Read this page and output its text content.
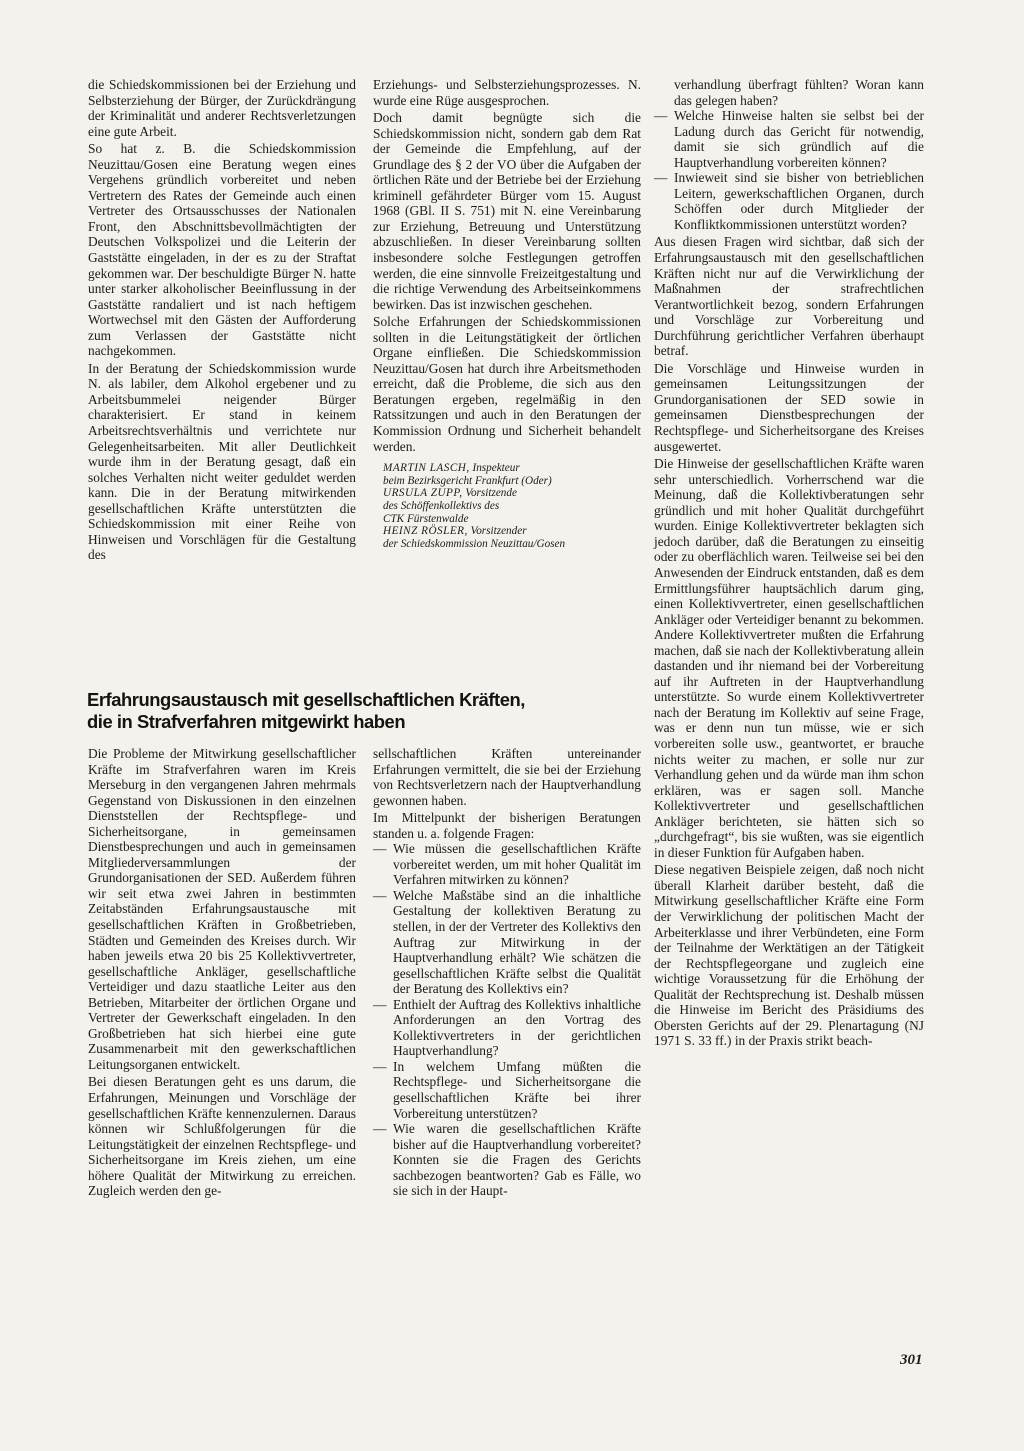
die Schiedskommissionen bei der Erziehung und Selbsterziehung der Bürger, der Zurückdrängung der Kriminalität und anderer Rechtsverletzungen eine gute Arbeit.

So hat z. B. die Schiedskommission Neuzittau/Gosen eine Beratung wegen eines Vergehens gründlich vorbereitet und neben Vertretern des Rates der Gemeinde auch einen Vertreter des Ortsausschusses der Nationalen Front, den Abschnittsbevollmächtigten der Deutschen Volkspolizei und die Leiterin der Gaststätte eingeladen, in der es zu der Straftat gekommen war. Der beschuldigte Bürger N. hatte unter starker alkoholischer Beeinflussung in der Gaststätte randaliert und ist nach heftigem Wortwechsel mit den Gästen der Aufforderung zum Verlassen der Gaststätte nicht nachgekommen.

In der Beratung der Schiedskommission wurde N. als labiler, dem Alkohol ergebener und zu Arbeitsbummelei neigender Bürger charakterisiert. Er stand in keinem Arbeitsrechtsverhältnis und verrichtete nur Gelegenheitsarbeiten. Mit aller Deutlichkeit wurde ihm in der Beratung gesagt, daß ein solches Verhalten nicht weiter geduldet werden kann. Die in der Beratung mitwirkenden gesellschaftlichen Kräfte unterstützten die Schiedskommission mit einer Reihe von Hinweisen und Vorschlägen für die Gestaltung des

Erziehungs- und Selbsterziehungsprozesses. N. wurde eine Rüge ausgesprochen.

Doch damit begnügte sich die Schiedskommission nicht, sondern gab dem Rat der Gemeinde die Empfehlung, auf der Grundlage des § 2 der VO über die Aufgaben der örtlichen Räte und der Betriebe bei der Erziehung kriminell gefährdeter Bürger vom 15. August 1968 (GBl. II S. 751) mit N. eine Vereinbarung zur Erziehung, Betreuung und Unterstützung abzuschließen. In dieser Vereinbarung sollten insbesondere solche Festlegungen getroffen werden, die eine sinnvolle Freizeitgestaltung und die richtige Verwendung des Arbeitseinkommens bewirken. Das ist inzwischen geschehen.

Solche Erfahrungen der Schiedskommissionen sollten in die Leitungstätigkeit der örtlichen Organe einfließen. Die Schiedskommission Neuzittau/Gosen hat durch ihre Arbeitsmethoden erreicht, daß die Probleme, die sich aus den Beratungen ergeben, regelmäßig in den Ratssitzungen und auch in den Beratungen der Kommission Ordnung und Sicherheit behandelt werden.

MARTIN LASCH, Inspekteur
beim Bezirksgericht Frankfurt (Oder)
URSULA ZUPP, Vorsitzende
des Schöffenkollektivs des
CTK Fürstenwalde
HEINZ RÖSLER, Vorsitzender
der Schiedskommission Neuzittau/Gosen

verhandlung überfragt fühlten? Woran kann das gelegen haben?

— Welche Hinweise halten sie selbst bei der Ladung durch das Gericht für notwendig, damit sie sich gründlich auf die Hauptverhandlung vorbereiten können?
— Inwieweit sind sie bisher von betrieblichen Leitern, gewerkschaftlichen Organen, durch Schöffen oder durch Mitglieder der Konfliktkommissionen unterstützt worden?

Aus diesen Fragen wird sichtbar, daß sich der Erfahrungsaustausch mit den gesellschaftlichen Kräften nicht nur auf die Verwirklichung der Maßnahmen der strafrechtlichen Verantwortlichkeit bezog, sondern Erfahrungen und Vorschläge zur Vorbereitung und Durchführung gerichtlicher Verfahren überhaupt betraf.

Die Vorschläge und Hinweise wurden in gemeinsamen Leitungssitzungen der Grundorganisationen der SED sowie in gemeinsamen Dienstbesprechungen der Rechtspflege- und Sicherheitsorgane des Kreises ausgewertet.

Die Hinweise der gesellschaftlichen Kräfte waren sehr unterschiedlich. Vorherrschend war die Meinung, daß die Kollektivberatungen sehr gründlich und mit hoher Qualität durchgeführt wurden. Einige Kollektivvertreter beklagten sich jedoch darüber, daß die Beratungen zu einseitig oder zu oberflächlich waren. Teilweise sei bei den Anwesenden der Eindruck entstanden, daß es dem Ermittlungsführer hauptsächlich darum ging, einen Kollektivvertreter, einen gesellschaftlichen Ankläger oder Verteidiger benannt zu bekommen. Andere Kollektivvertreter mußten die Erfahrung machen, daß sie nach der Kollektivberatung allein dastanden und ihr niemand bei der Vorbereitung auf ihr Auftreten in der Hauptverhandlung unterstützte. So wurde einem Kollektivvertreter nach der Beratung im Kollektiv auf seine Frage, was er denn nun tun müsse, wie er sich vorbereiten solle usw., geantwortet, er brauche nichts weiter zu machen, er solle nur zur Verhandlung gehen und da würde man ihm schon erklären, was er sagen soll. Manche Kollektivvertreter und gesellschaftlichen Ankläger berichteten, sie hätten sich so „durchgefragt“, bis sie wußten, was sie eigentlich in dieser Funktion für Aufgaben haben.

Diese negativen Beispiele zeigen, daß noch nicht überall Klarheit darüber besteht, daß die Mitwirkung gesellschaftlicher Kräfte eine Form der Verwirklichung der politischen Macht der Arbeiterklasse und ihrer Verbündeten, eine Form der Teilnahme der Werktätigen an der Tätigkeit der Rechtspflegeorgane und zugleich eine wichtige Voraussetzung für die Erhöhung der Qualität der Rechtsprechung ist. Deshalb müssen die Hinweise im Bericht des Präsidiums des Obersten Gerichts auf der 29. Plenartagung (NJ 1971 S. 33 ff.) in der Praxis strikt beach-

Erfahrungsaustausch mit gesellschaftlichen Kräften,
die in Strafverfahren mitgewirkt haben

Die Probleme der Mitwirkung gesellschaftlicher Kräfte im Strafverfahren waren im Kreis Merseburg in den vergangenen Jahren mehrmals Gegenstand von Diskussionen in den einzelnen Dienststellen der Rechtspflege- und Sicherheitsorgane, in gemeinsamen Dienstbesprechungen und auch in gemeinsamen Mitgliederversammlungen der Grundorganisationen der SED. Außerdem führen wir seit etwa zwei Jahren in bestimmten Zeitabständen Erfahrungsaustausche mit gesellschaftlichen Kräften in Großbetrieben, Städten und Gemeinden des Kreises durch. Wir haben jeweils etwa 20 bis 25 Kollektivvertreter, gesellschaftliche Ankläger, gesellschaftliche Verteidiger und dazu staatliche Leiter aus den Betrieben, Mitarbeiter der örtlichen Organe und Vertreter der Gewerkschaft eingeladen. In den Großbetrieben hat sich hierbei eine gute Zusammenarbeit mit den gewerkschaftlichen Leitungsorganen entwickelt.

Bei diesen Beratungen geht es uns darum, die Erfahrungen, Meinungen und Vorschläge der gesellschaftlichen Kräfte kennenzulernen. Daraus können wir Schlußfolgerungen für die Leitungstätigkeit der einzelnen Rechtspflege- und Sicherheitsorgane im Kreis ziehen, um eine höhere Qualität der Mitwirkung zu erreichen. Zugleich werden den ge-

sellschaftlichen Kräften untereinander Erfahrungen vermittelt, die sie bei der Erziehung von Rechtsverletzern nach der Hauptverhandlung gewonnen haben.

Im Mittelpunkt der bisherigen Beratungen standen u. a. folgende Fragen:

— Wie müssen die gesellschaftlichen Kräfte vorbereitet werden, um mit hoher Qualität im Verfahren mitwirken zu können?
— Welche Maßstäbe sind an die inhaltliche Gestaltung der kollektiven Beratung zu stellen, in der der Vertreter des Kollektivs den Auftrag zur Mitwirkung in der Hauptverhandlung erhält? Wie schätzen die gesellschaftlichen Kräfte selbst die Qualität der Beratung des Kollektivs ein?
— Enthielt der Auftrag des Kollektivs inhaltliche Anforderungen an den Vortrag des Kollektivvertreters in der gerichtlichen Hauptverhandlung?
— In welchem Umfang müßten die Rechtspflege- und Sicherheitsorgane die gesellschaftlichen Kräfte bei ihrer Vorbereitung unterstützen?
— Wie waren die gesellschaftlichen Kräfte bisher auf die Hauptverhandlung vorbereitet? Konnten sie die Fragen des Gerichts sachbezogen beantworten? Gab es Fälle, wo sie sich in der Haupt-
301
